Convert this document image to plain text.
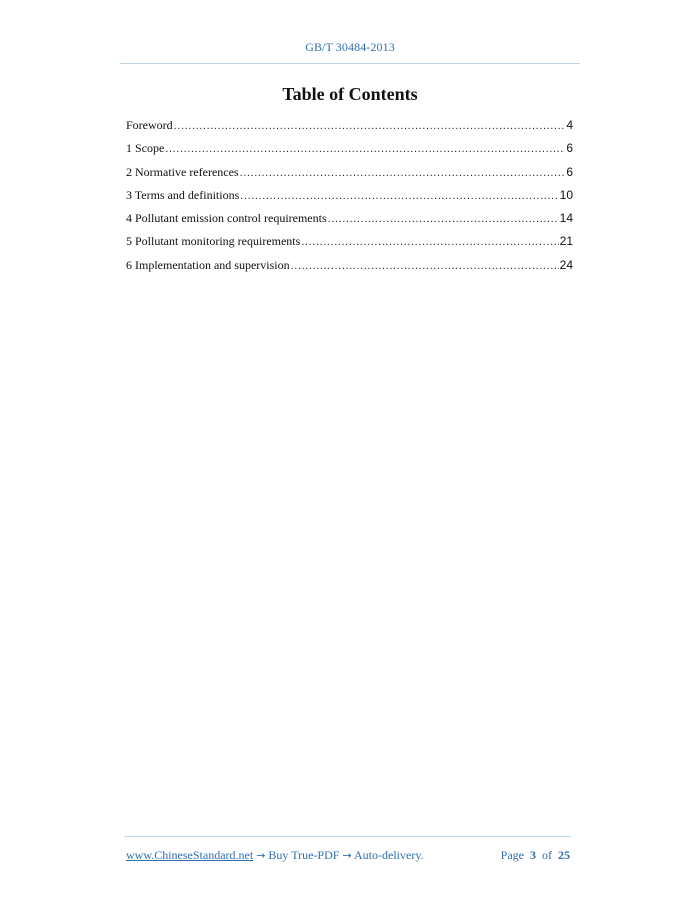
GB/T 30484-2013
Table of Contents
Foreword .....	4
1 Scope .....	6
2 Normative references .....	6
3 Terms and definitions .....	10
4 Pollutant emission control requirements .....	14
5 Pollutant monitoring requirements .....	21
6 Implementation and supervision .....	24
www.ChineseStandard.net → Buy True-PDF → Auto-delivery.	Page 3 of 25
